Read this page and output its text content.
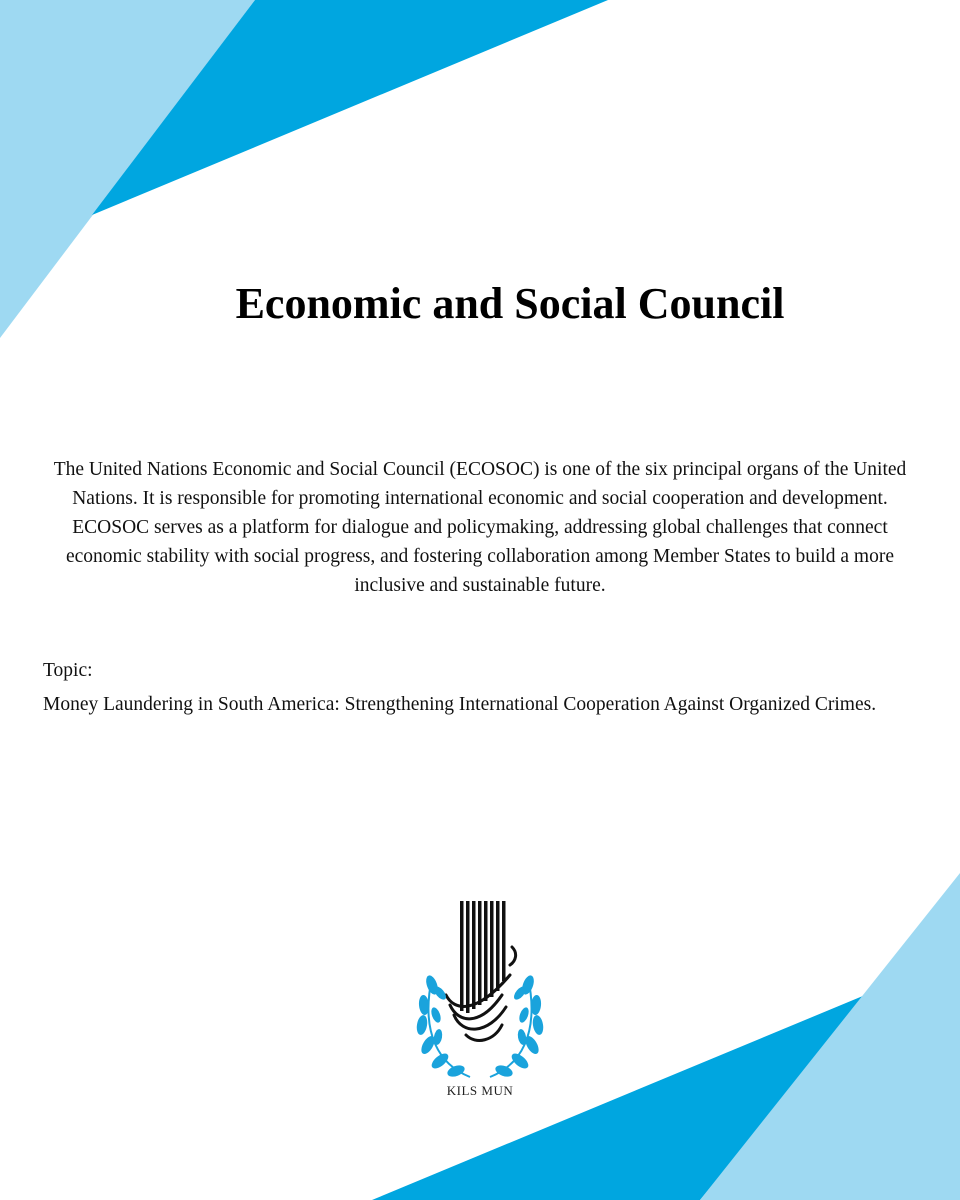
Economic and Social Council

The United Nations Economic and Social Council (ECOSOC) is one of the six principal organs of the United Nations. It is responsible for promoting international economic and social cooperation and development. ECOSOC serves as a platform for dialogue and policymaking, addressing global challenges that connect economic stability with social progress, and fostering collaboration among Member States to build a more inclusive and sustainable future.

Topic:

Money Laundering in South America: Strengthening International Cooperation Against Organized Crimes.

KILS MUN
